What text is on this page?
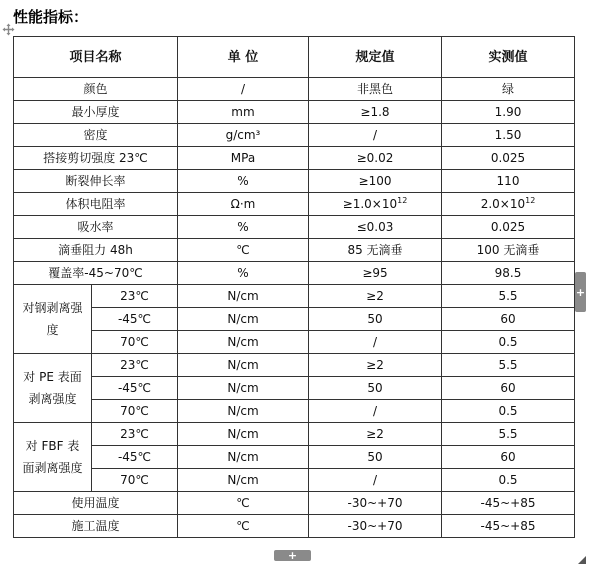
性能指标：
项目名称		单 位	规定值	实测值
颜色		/	非黑色	绿
最小厚度		mm	≥1.8	1.90
密度		g/cm³	/	1.50
搭接剪切强度 23℃		MPa	≥0.02	0.025
断裂伸长率		%	≥100	110
体积电阻率		Ω·m	$\ge 1.0\times 10^{12}$	$2.0\times 10^{12}$
吸水率		%	≤0.03	0.025
滴垂阻力 48h		℃	85 无滴垂	100 无滴垂
覆盖率-45~70℃		%	≥95	98.5
对钢剥离强度	23℃	N/cm	≥2	5.5
	-45℃	N/cm	50	60
	70℃	N/cm	/	0.5
对 PE 表面剥离强度	23℃	N/cm	≥2	5.5
	-45℃	N/cm	50	60
	70℃	N/cm	/	0.5
对 FBF 表面剥离强度	23℃	N/cm	≥2	5.5
	-45℃	N/cm	50	60
	70℃	N/cm	/	0.5
使用温度		℃	-30~+70	-45~+85
施工温度		℃	-30~+70	-45~+85
+
+
